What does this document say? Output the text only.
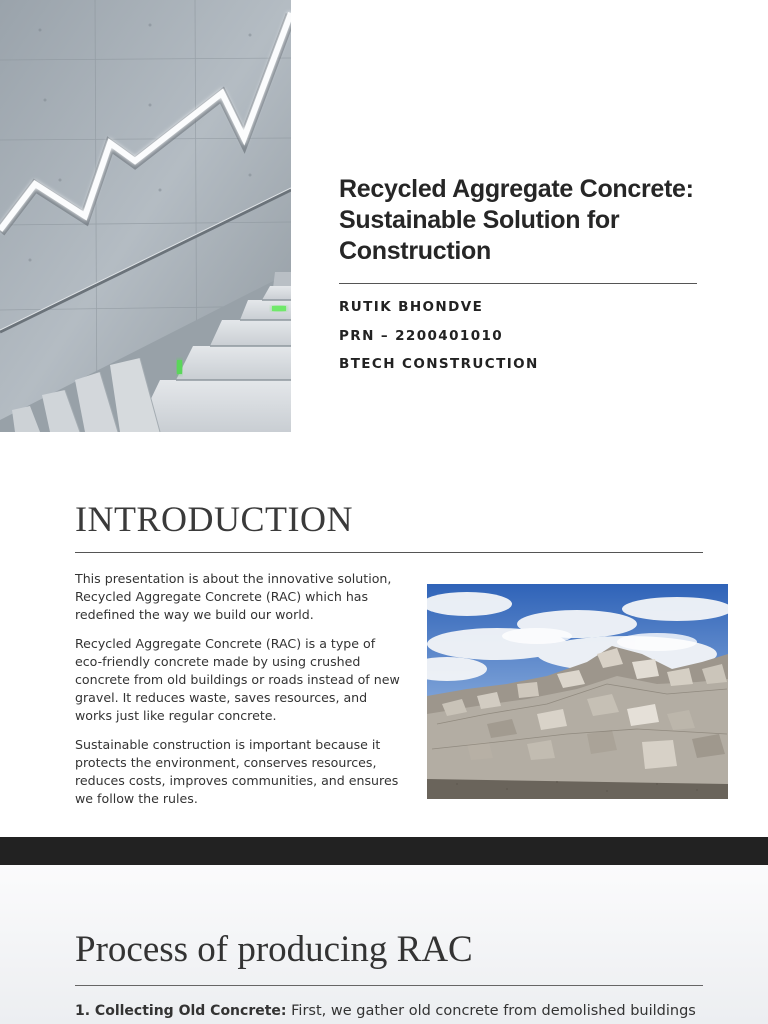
Recycled Aggregate Concrete: Sustainable Solution for Construction
RUTIK BHONDVE
PRN – 2200401010
BTECH CONSTRUCTION
INTRODUCTION

This presentation is about the innovative solution, Recycled Aggregate Concrete (RAC) which has redefined the way we build our world.

Recycled Aggregate Concrete (RAC) is a type of eco-friendly concrete made by using crushed concrete from old buildings or roads instead of new gravel. It reduces waste, saves resources, and works just like regular concrete.

Sustainable construction is important because it protects the environment, conserves resources, reduces costs, improves communities, and ensures we follow the rules.

Process of producing RAC
1. Collecting Old Concrete: First, we gather old concrete from demolished buildings
